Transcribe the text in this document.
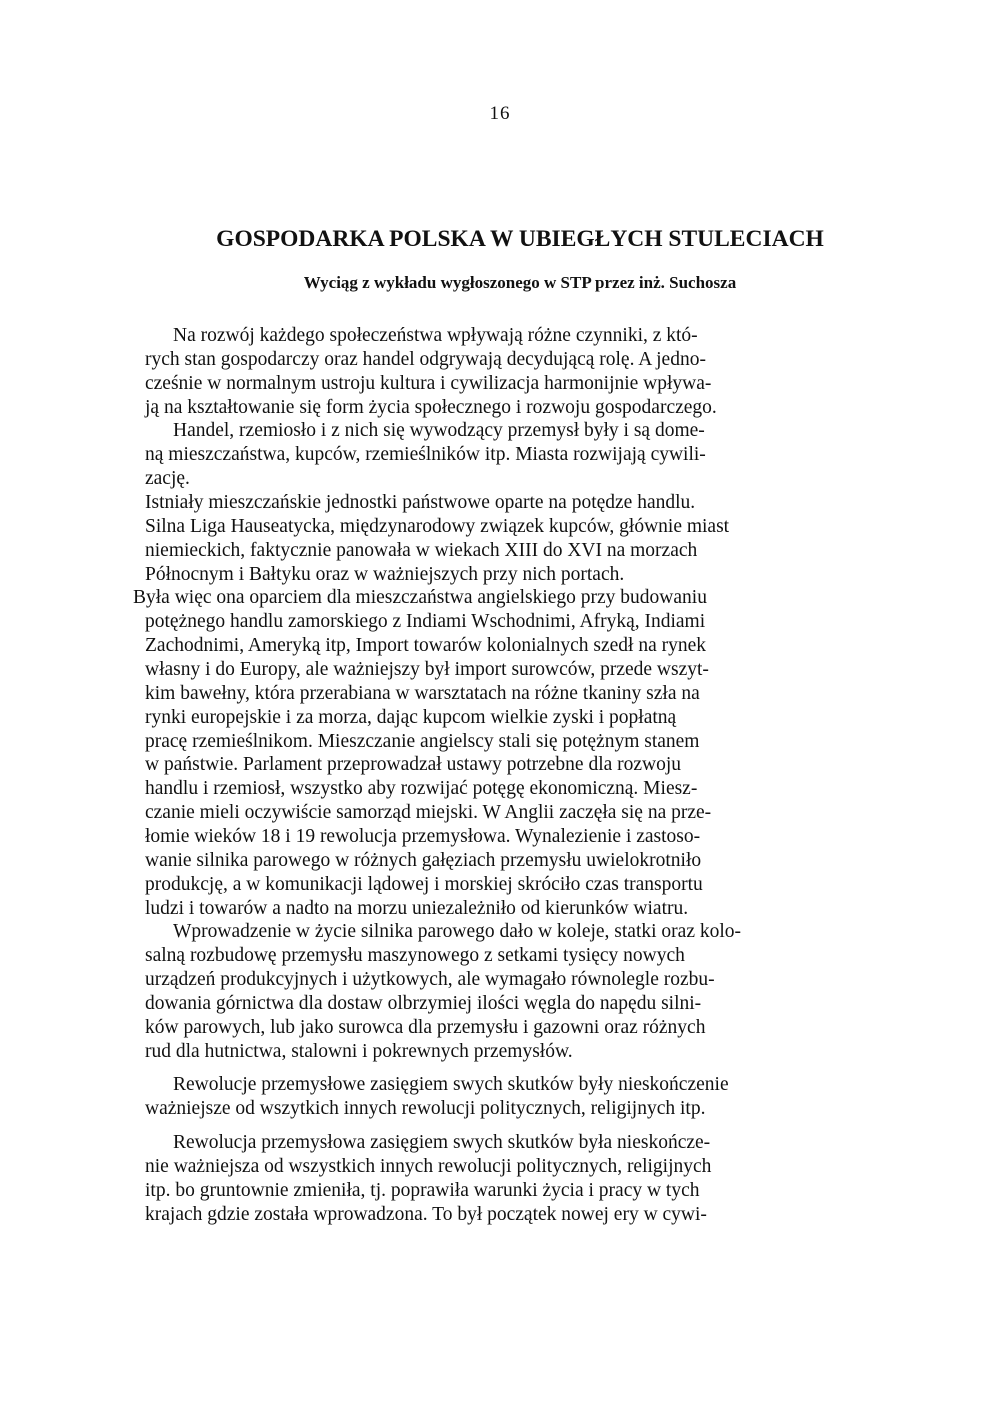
16
GOSPODARKA POLSKA W UBIEGŁYCH STULECIACH
Wyciąg z wykładu wygłoszonego w STP przez inż. Suchosza
Na rozwój każdego społeczeństwa wpływają różne czynniki, z któ-
rych stan gospodarczy oraz handel odgrywają decydującą rolę. A jedno-
cześnie w normalnym ustroju kultura i cywilizacja harmonijnie wpływa-
ją na kształtowanie się form życia społecznego i rozwoju gospodarczego.
Handel, rzemiosło i z nich się wywodzący przemysł były i są dome-
ną mieszczaństwa, kupców, rzemieślników itp. Miasta rozwijają cywili-
zację.
Istniały mieszczańskie jednostki państwowe oparte na potędze handlu.
Silna Liga Hauseatycka, międzynarodowy związek kupców, głównie miast
niemieckich, faktycznie panowała w wiekach XIII do XVI na morzach
Północnym i Bałtyku oraz w ważniejszych przy nich portach.
Była więc ona oparciem dla mieszczaństwa angielskiego przy budowaniu
potężnego handlu zamorskiego z Indiami Wschodnimi, Afryką, Indiami
Zachodnimi, Ameryką itp, Import towarów kolonialnych szedł na rynek
własny i do Europy, ale ważniejszy był import surowców, przede wszyt-
kim bawełny, która przerabiana w warsztatach na różne tkaniny szła na
rynki europejskie i za morza, dając kupcom wielkie zyski i popłatną
pracę rzemieślnikom. Mieszczanie angielscy stali się potężnym stanem
w państwie. Parlament przeprowadzał ustawy potrzebne dla rozwoju
handlu i rzemiosł, wszystko aby rozwijać potęgę ekonomiczną. Miesz-
czanie mieli oczywiście samorząd miejski. W Anglii zaczęła się na prze-
łomie wieków 18 i 19 rewolucja przemysłowa. Wynalezienie i zastoso-
wanie silnika parowego w różnych gałęziach przemysłu uwielokrotniło
produkcję, a w komunikacji lądowej i morskiej skróciło czas transportu
ludzi i towarów a nadto na morzu uniezależniło od kierunków wiatru.
Wprowadzenie w życie silnika parowego dało w koleje, statki oraz kolo-
salną rozbudowę przemysłu maszynowego z setkami tysięcy nowych
urządzeń produkcyjnych i użytkowych, ale wymagało równolegle rozbu-
dowania górnictwa dla dostaw olbrzymiej ilości węgla do napędu silni-
ków parowych, lub jako surowca dla przemysłu i gazowni oraz różnych
rud dla hutnictwa, stalowni i pokrewnych przemysłów.
Rewolucje przemysłowe zasięgiem swych skutków były nieskończenie
ważniejsze od wszytkich innych rewolucji politycznych, religijnych itp.
Rewolucja przemysłowa zasięgiem swych skutków była nieskończe-
nie ważniejsza od wszystkich innych rewolucji politycznych, religijnych
itp. bo gruntownie zmieniła, tj. poprawiła warunki życia i pracy w tych
krajach gdzie została wprowadzona. To był początek nowej ery w cywi-
